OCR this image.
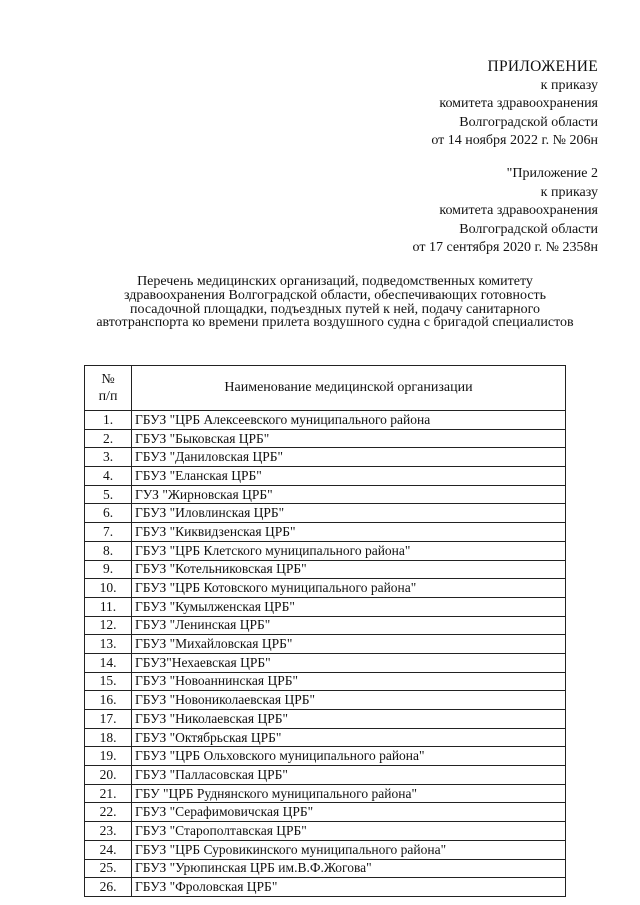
ПРИЛОЖЕНИЕ
к приказу
комитета здравоохранения
Волгоградской области
от 14 ноября 2022 г. № 206н
"Приложение 2
к приказу
комитета здравоохранения
Волгоградской области
от 17 сентября 2020 г. № 2358н
Перечень медицинских организаций, подведомственных комитету здравоохранения Волгоградской области, обеспечивающих готовность посадочной площадки, подъездных путей к ней, подачу санитарного автотранспорта ко времени прилета воздушного судна с бригадой специалистов
№
п/п	Наименование медицинской организации
1.	ГБУЗ "ЦРБ Алексеевского муниципального района
2.	ГБУЗ "Быковская ЦРБ"
3.	ГБУЗ "Даниловская ЦРБ"
4.	ГБУЗ "Еланская ЦРБ"
5.	ГУЗ "Жирновская ЦРБ"
6.	ГБУЗ "Иловлинская ЦРБ"
7.	ГБУЗ "Киквидзенская ЦРБ"
8.	ГБУЗ "ЦРБ Клетского муниципального района"
9.	ГБУЗ "Котельниковская ЦРБ"
10.	ГБУЗ "ЦРБ Котовского муниципального района"
11.	ГБУЗ "Кумылженская ЦРБ"
12.	ГБУЗ "Ленинская ЦРБ"
13.	ГБУЗ "Михайловская ЦРБ"
14.	ГБУЗ"Нехаевская ЦРБ"
15.	ГБУЗ "Новоаннинская ЦРБ"
16.	ГБУЗ "Новониколаевская ЦРБ"
17.	ГБУЗ "Николаевская ЦРБ"
18.	ГБУЗ "Октябрьская ЦРБ"
19.	ГБУЗ "ЦРБ Ольховского муниципального района"
20.	ГБУЗ "Палласовская ЦРБ"
21.	ГБУ "ЦРБ Руднянского муниципального района"
22.	ГБУЗ "Серафимовичская ЦРБ"
23.	ГБУЗ "Старополтавская ЦРБ"
24.	ГБУЗ "ЦРБ Суровикинского муниципального района"
25.	ГБУЗ "Урюпинская ЦРБ им.В.Ф.Жогова"
26.	ГБУЗ "Фроловская ЦРБ"
